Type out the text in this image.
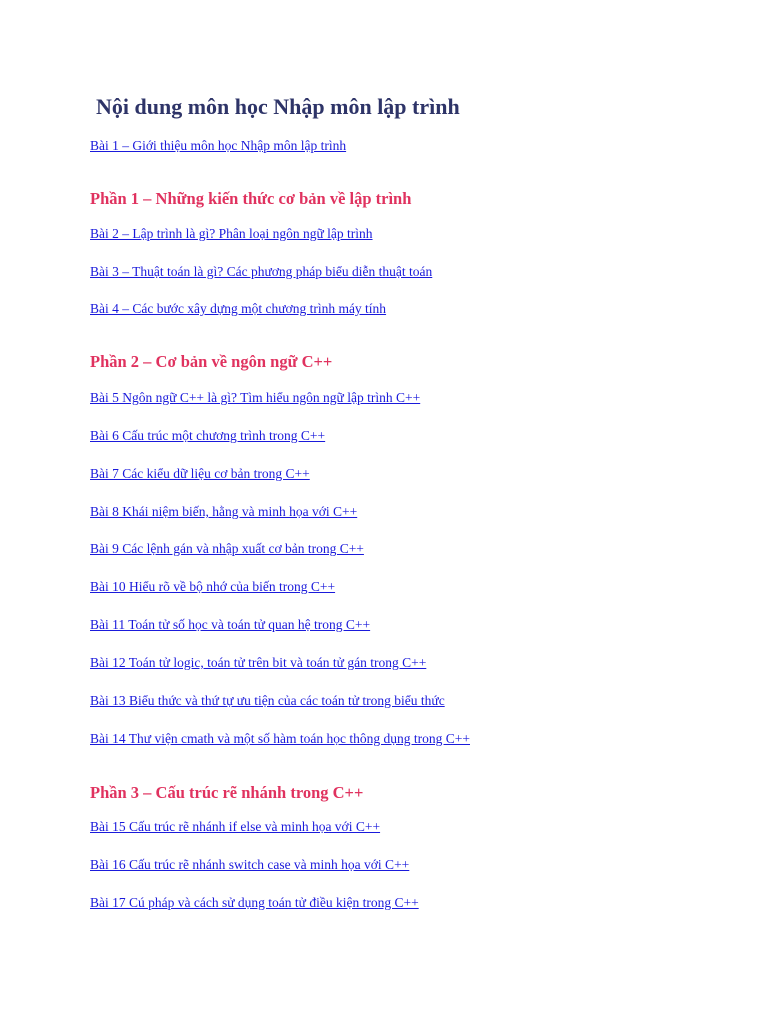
Nội dung môn học Nhập môn lập trình
Bài 1 – Giới thiệu môn học Nhập môn lập trình
Phần 1 – Những kiến thức cơ bản về lập trình
Bài 2 – Lập trình là gì? Phân loại ngôn ngữ lập trình
Bài 3 – Thuật toán là gì? Các phương pháp biểu diễn thuật toán
Bài 4 – Các bước xây dựng một chương trình máy tính
Phần 2 – Cơ bản về ngôn ngữ C++
Bài 5 Ngôn ngữ C++ là gì? Tìm hiểu ngôn ngữ lập trình C++
Bài 6 Cấu trúc một chương trình trong C++
Bài 7 Các kiểu dữ liệu cơ bản trong C++
Bài 8 Khái niệm biến, hằng và minh họa với C++
Bài 9 Các lệnh gán và nhập xuất cơ bản trong C++
Bài 10 Hiểu rõ về bộ nhớ của biến trong C++
Bài 11 Toán tử số học và toán tử quan hệ trong C++
Bài 12 Toán tử logic, toán tử trên bit và toán tử gán trong C++
Bài 13 Biểu thức và thứ tự ưu tiện của các toán tử trong biểu thức
Bài 14 Thư viện cmath và một số hàm toán học thông dụng trong C++
Phần 3 – Cấu trúc rẽ nhánh trong C++
Bài 15 Cấu trúc rẽ nhánh if else và minh họa với C++
Bài 16 Cấu trúc rẽ nhánh switch case và minh họa với C++
Bài 17 Cú pháp và cách sử dụng toán tử điều kiện trong C++
